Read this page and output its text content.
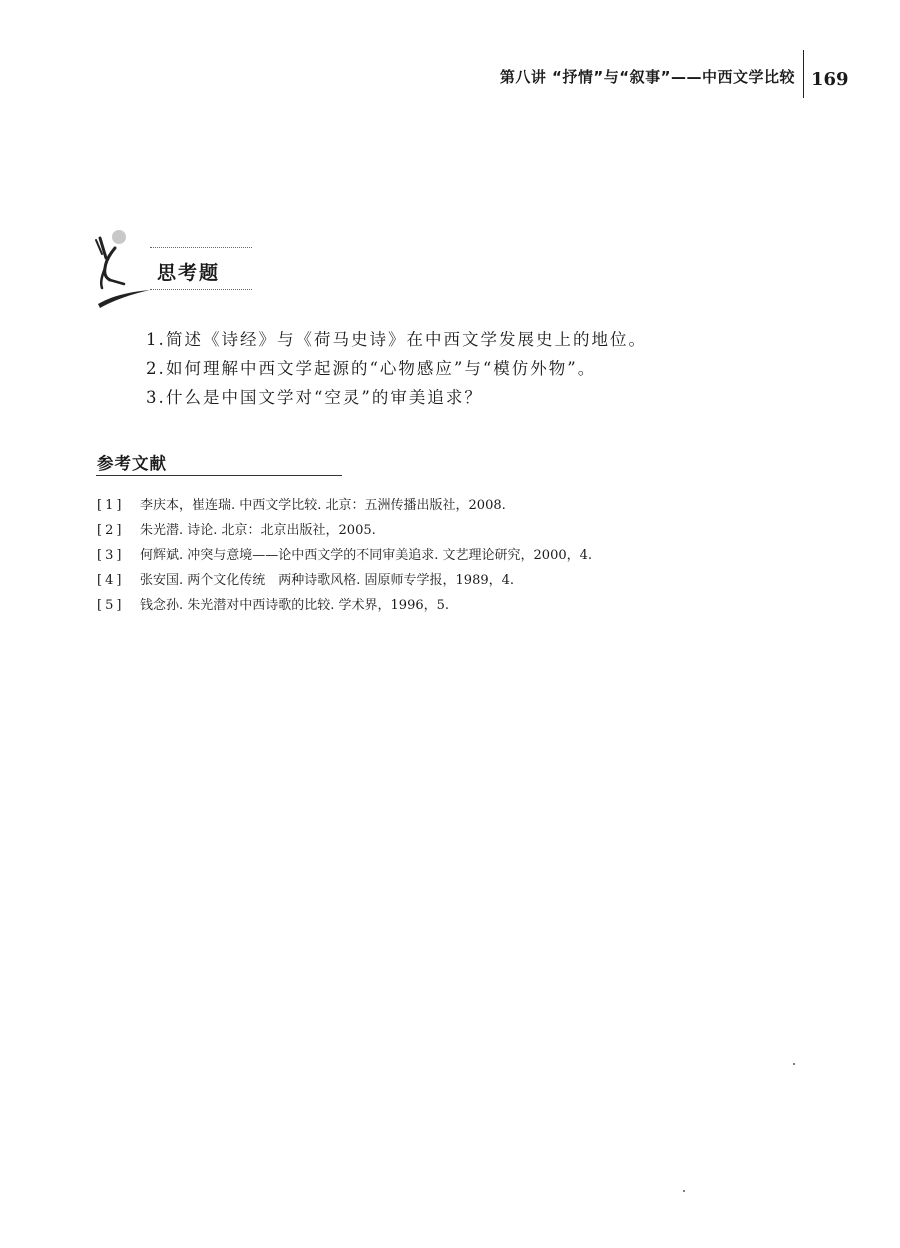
第八讲 “抒情”与“叙事”——中西文学比较 169
思考题
1.简述《诗经》与《荷马史诗》在中西文学发展史上的地位。
2.如何理解中西文学起源的“心物感应”与“模仿外物”。
3.什么是中国文学对“空灵”的审美追求？
参考文献
[1] 李庆本，崔连瑞. 中西文学比较. 北京：五洲传播出版社，2008.
[2] 朱光潜. 诗论. 北京：北京出版社，2005.
[3] 何辉斌. 冲突与意境——论中西文学的不同审美追求. 文艺理论研究，2000，4.
[4] 张安国. 两个文化传统　两种诗歌风格. 固原师专学报，1989，4.
[5] 钱念孙. 朱光潜对中西诗歌的比较. 学术界，1996，5.
